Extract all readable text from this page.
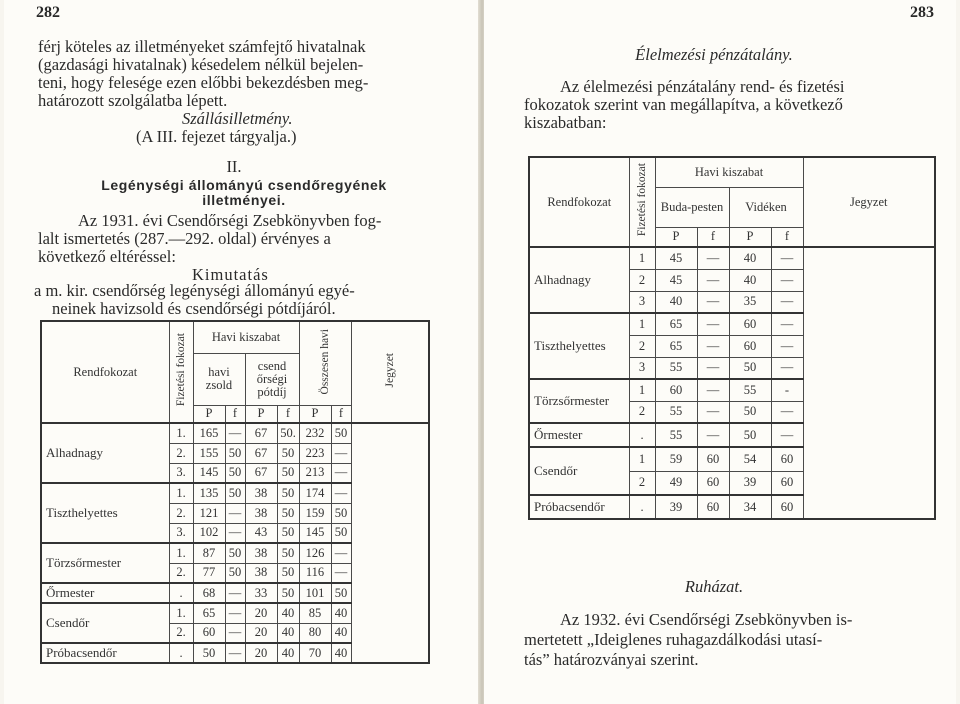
282
férj köteles az illetményeket számfejtő hivatalnak
(gazdasági hivatalnak) késedelem nélkül bejelen-
teni, hogy felesége ezen előbbi bekezdésben meg-
határozott szolgálatba lépett.
Szállásilletmény.
(A III. fejezet tárgyalja.)
II.
Legénységi állományú csendőregyének
illetményei.
Az 1931. évi Csendőrségi Zsebkönyvben fog-
lalt ismertetés (287.—292. oldal) érvényes a
következő eltéréssel:
Kimutatás
a m. kir. csendőrség legénységi állományú egyé-
neinek havizsold és csendőrségi pótdíjáról.
Rendfokozat	Fizetési fokozat	Havi kiszabat				Összesen havi		Jegyzet
		havi zsold		csend őrségi pótdíj				
		P	f	P	f	P	f	
Alhadnagy	1.	165	—	67	50.	232	50	
	2.	155	50	67	50	223	—	
	3.	145	50	67	50	213	—	
Tiszthelyettes	1.	135	50	38	50	174	—	
	2.	121	—	38	50	159	50	
	3.	102	—	43	50	145	50	
Törzsőrmester	1.	87	50	38	50	126	—	
	2.	77	50	38	50	116	—	
Őrmester	.	68	—	33	50	101	50	
Csendőr	1.	65	—	20	40	85	40	
	2.	60	—	20	40	80	40	
Próbacsendőr	.	50	—	20	40	70	40	
283
Élelmezési pénzátalány.
Az élelmezési pénzátalány rend- és fizetési
fokozatok szerint van megállapítva, a következő
kiszabatban:
Rendfokozat	Fizetési fokozat	Havi kiszabat				Jegyzet
		Buda-pesten		Vidéken		
		P	f	P	f	
Alhadnagy	1	45	—	40	—	
	2	45	—	40	—	
	3	40	—	35	—	
Tiszthelyettes	1	65	—	60	—	
	2	65	—	60	—	
	3	55	—	50	—	
Törzsőrmester	1	60	—	55	-	
	2	55	—	50	—	
Őrmester	.	55	—	50	—	
Csendőr	1	59	60	54	60	
	2	49	60	39	60	
Próbacsendőr	.	39	60	34	60	
Ruházat.
Az 1932. évi Csendőrségi Zsebkönyvben is-
mertetett „Ideiglenes ruhagazdálkodási utasí-
tás” határozványai szerint.
